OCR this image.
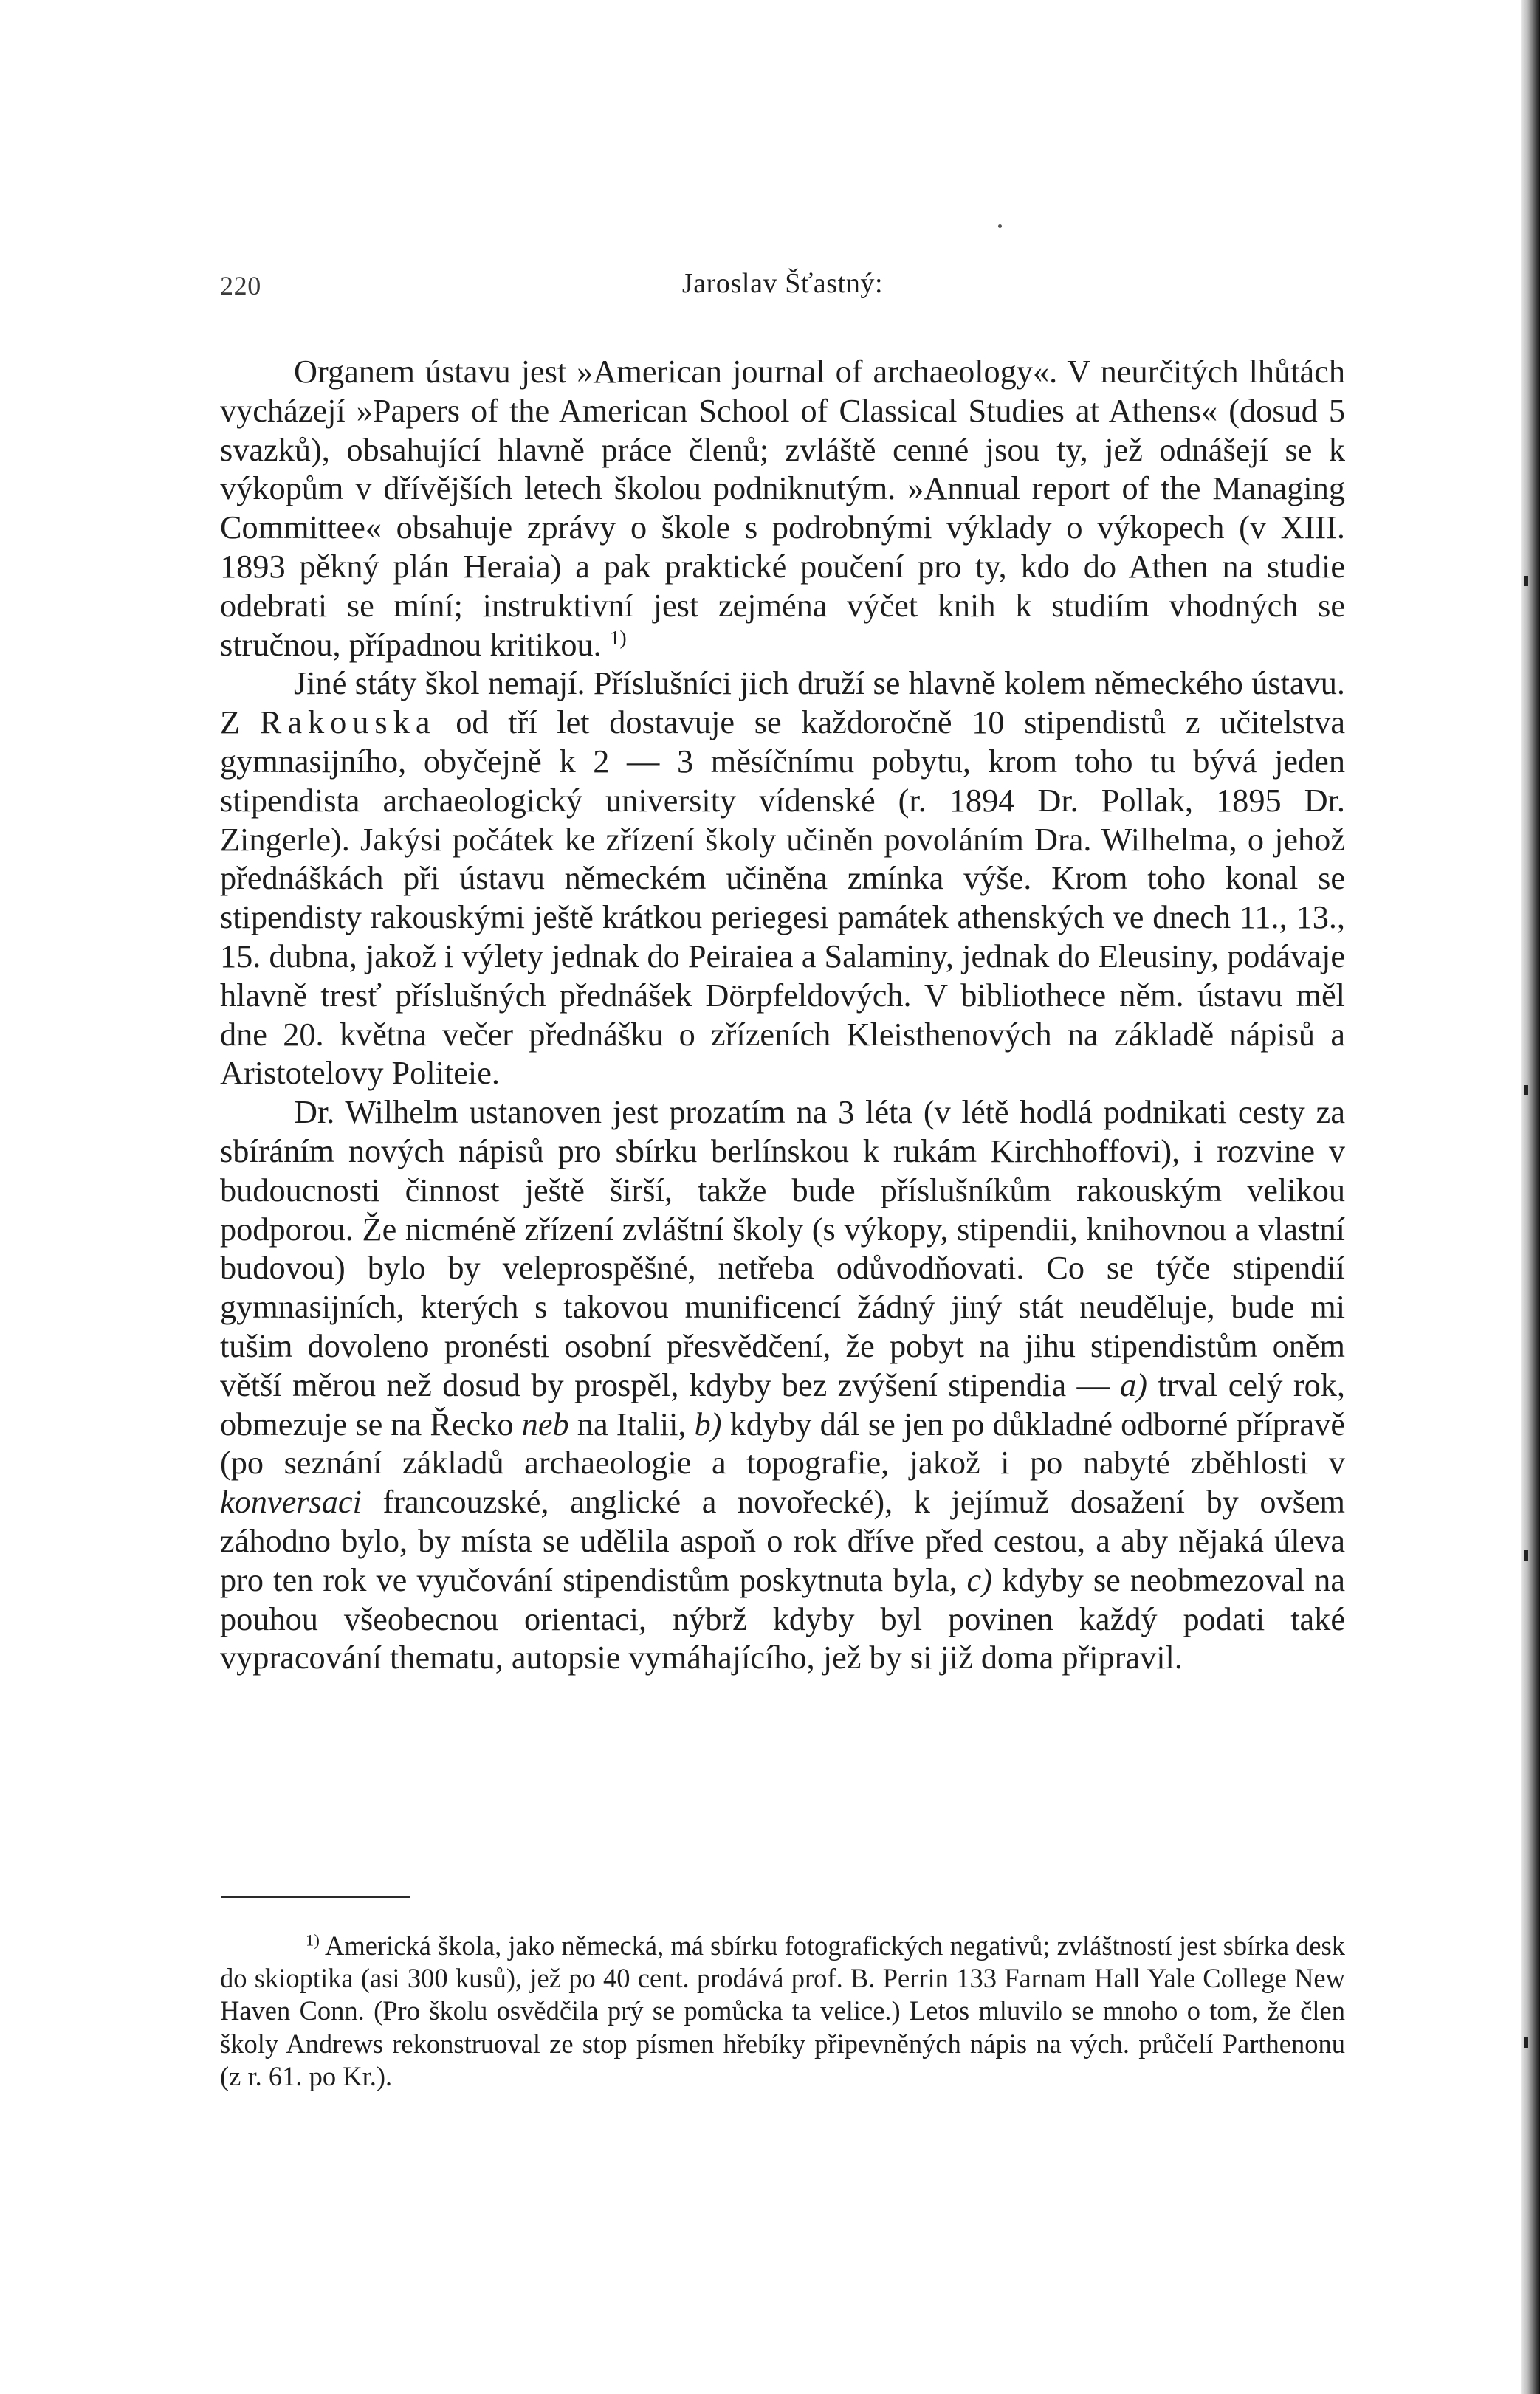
220	Jaroslav Šťastný:

Organem ústavu jest »American journal of archaeology«. V neurčitých lhůtách vycházejí »Papers of the American School of Classical Studies at Athens« (dosud 5 svazků), obsahující hlavně práce členů; zvláště cenné jsou ty, jež odnášejí se k výkopům v dřívějších letech školou podniknutým. »Annual report of the Managing Committee« obsahuje zprávy o škole s podrobnými výklady o výkopech (v XIII. 1893 pěkný plán Heraia) a pak praktické poučení pro ty, kdo do Athen na studie odebrati se míní; instruktivní jest zejména výčet knih k studiím vhodných se stručnou, případnou kritikou. $^{1)}$

Jiné státy škol nemají. Příslušníci jich druží se hlavně kolem německého ústavu. Z Rakouska od tří let dostavuje se každoročně 10 stipendistů z učitelstva gymnasijního, obyčejně k 2 — 3 měsíčnímu pobytu, krom toho tu bývá jeden stipendista archaeologický university vídenské (r. 1894 Dr. Pollak, 1895 Dr. Zingerle). Jakýsi počátek ke zřízení školy učiněn povoláním Dra. Wilhelma, o jehož přednáškách při ústavu německém učiněna zmínka výše. Krom toho konal se stipendisty rakouskými ještě krátkou periegesi památek athenských ve dnech 11., 13., 15. dubna, jakož i výlety jednak do Peiraiea a Salaminy, jednak do Eleusiny, podávaje hlavně tresť příslušných přednášek Dörpfeldových. V bibliothece něm. ústavu měl dne 20. května večer přednášku o zřízeních Kleisthenových na základě nápisů a Aristotelovy Politeie.

Dr. Wilhelm ustanoven jest prozatím na 3 léta (v létě hodlá podnikati cesty za sbíráním nových nápisů pro sbírku berlínskou k rukám Kirchhoffovi), i rozvine v budoucnosti činnost ještě širší, takže bude příslušníkům rakouským velikou podporou. Že nicméně zřízení zvláštní školy (s výkopy, stipendii, knihovnou a vlastní budovou) bylo by veleprospěšné, netřeba odůvodňovati. Co se týče stipendií gymnasijních, kterých s takovou munificencí žádný jiný stát neuděluje, bude mi tušim dovoleno pronésti osobní přesvědčení, že pobyt na jihu stipendistům oněm větší měrou než dosud by prospěl, kdyby bez zvýšení stipendia — a) trval celý rok, obmezuje se na Řecko neb na Italii, b) kdyby dál se jen po důkladné odborné přípravě (po seznání základů archaeologie a topografie, jakož i po nabyté zběhlosti v konversaci francouzské, anglické a novořecké), k jejímuž dosažení by ovšem záhodno bylo, by místa se udělila aspoň o rok dříve před cestou, a aby nějaká úleva pro ten rok ve vyučování stipendistům poskytnuta byla, c) kdyby se neobmezoval na pouhou všeobecnou orientaci, nýbrž kdyby byl povinen každý podati také vypracování thematu, autopsie vymáhajícího, jež by si již doma připravil.

$^{1)}$ Americká škola, jako německá, má sbírku fotografických negativů; zvláštností jest sbírka desk do skioptika (asi 300 kusů), jež po 40 cent. prodává prof. B. Perrin 133 Farnam Hall Yale College New Haven Conn. (Pro školu osvědčila prý se pomůcka ta velice.) Letos mluvilo se mnoho o tom, že člen školy Andrews rekonstruoval ze stop písmen hřebíky připevněných nápis na vých. průčelí Parthenonu (z r. 61. po Kr.).
